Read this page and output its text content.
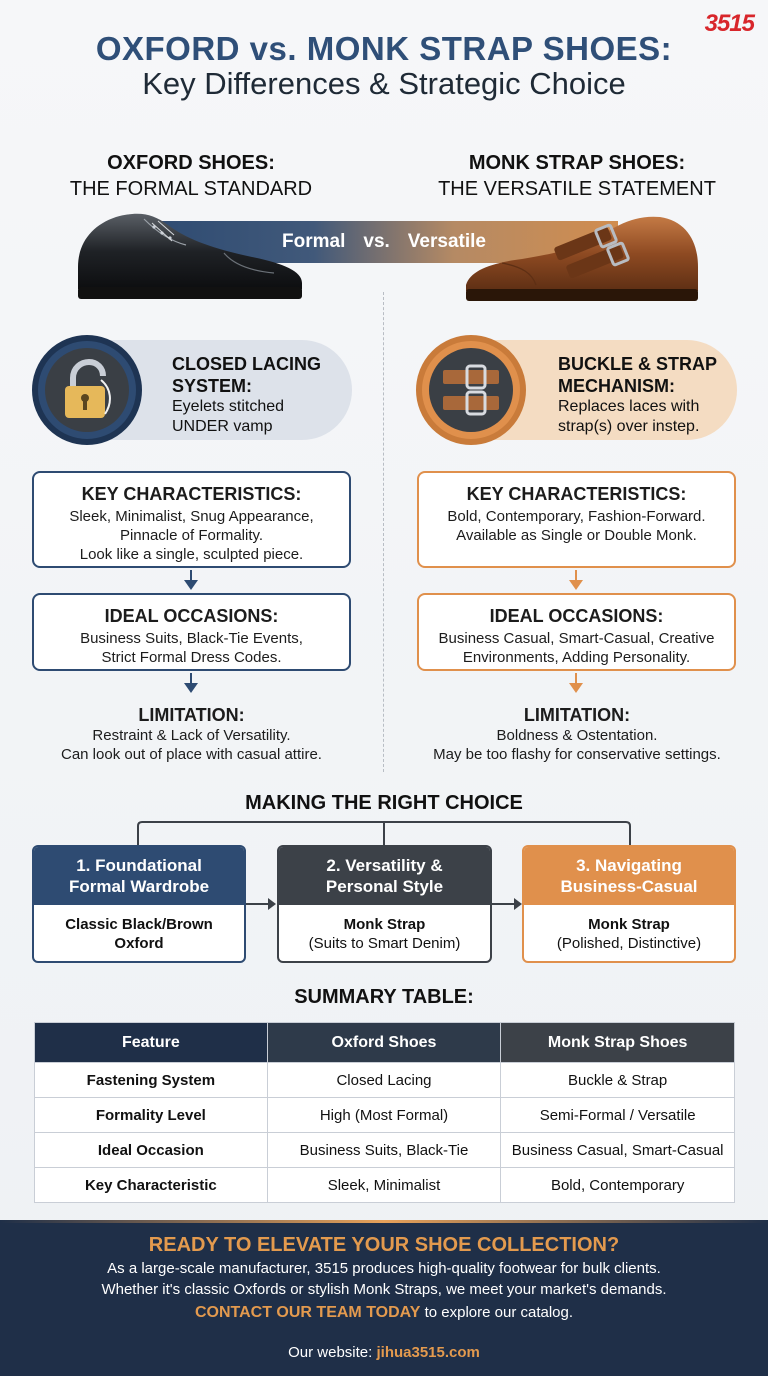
3515
OXFORD vs. MONK STRAP SHOES:
Key Differences & Strategic Choice
OXFORD SHOES:
THE FORMAL STANDARD
MONK STRAP SHOES:
THE VERSATILE STATEMENT
Formal vs. Versatile
CLOSED LACING
SYSTEM:
Eyelets stitched
UNDER vamp
BUCKLE & STRAP
MECHANISM:
Replaces laces with
strap(s) over instep.
KEY CHARACTERISTICS:
Sleek, Minimalist, Snug Appearance,
Pinnacle of Formality.
Look like a single, sculpted piece.
IDEAL OCCASIONS:
Business Suits, Black-Tie Events,
Strict Formal Dress Codes.
LIMITATION:
Restraint & Lack of Versatility.
Can look out of place with casual attire.
KEY CHARACTERISTICS:
Bold, Contemporary, Fashion-Forward.
Available as Single or Double Monk.
IDEAL OCCASIONS:
Business Casual, Smart-Casual, Creative
Environments, Adding Personality.
LIMITATION:
Boldness & Ostentation.
May be too flashy for conservative settings.
MAKING THE RIGHT CHOICE
1. Foundational
Formal Wardrobe
Classic Black/Brown
Oxford
2. Versatility &
Personal Style
Monk Strap
(Suits to Smart Denim)
3. Navigating
Business-Casual
Monk Strap
(Polished, Distinctive)
SUMMARY TABLE:
Feature	Oxford Shoes	Monk Strap Shoes
Fastening System	Closed Lacing	Buckle & Strap
Formality Level	High (Most Formal)	Semi-Formal / Versatile
Ideal Occasion	Business Suits, Black-Tie	Business Casual, Smart-Casual
Key Characteristic	Sleek, Minimalist	Bold, Contemporary
READY TO ELEVATE YOUR SHOE COLLECTION?
As a large-scale manufacturer, 3515 produces high-quality footwear for bulk clients.
Whether it's classic Oxfords or stylish Monk Straps, we meet your market's demands.
CONTACT OUR TEAM TODAY to explore our catalog.
Our website: jihua3515.com
